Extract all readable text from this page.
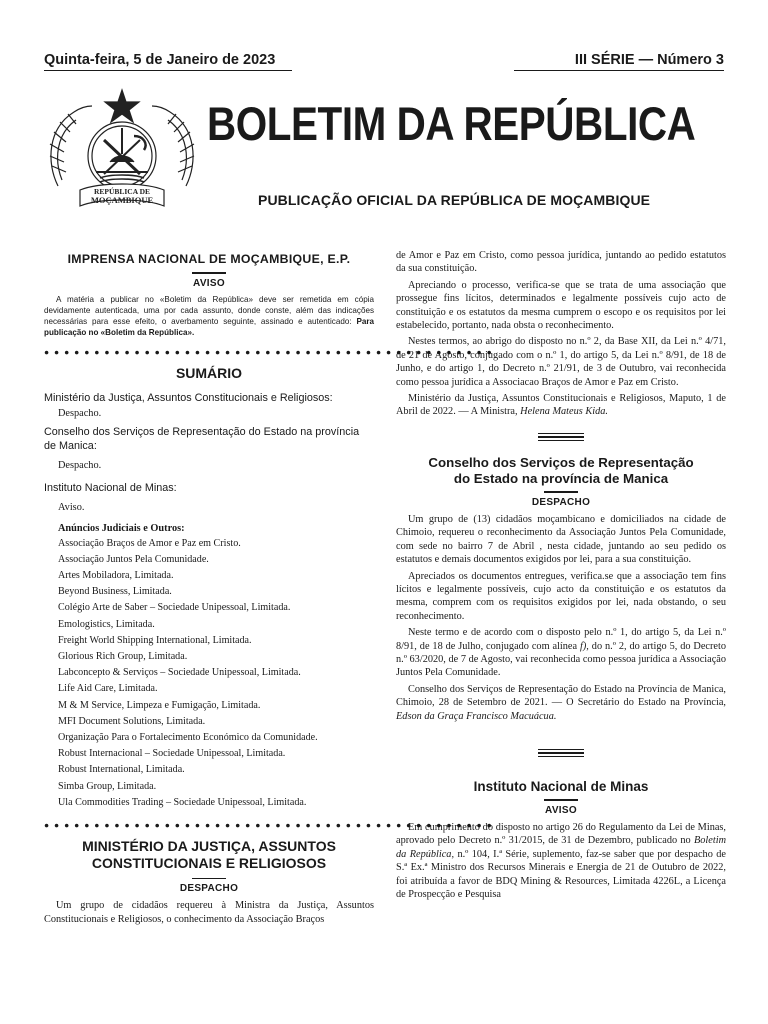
Quinta-feira, 5 de Janeiro de 2023	III SÉRIE — Número 3
REPÚBLICA DE
MOÇAMBIQUE
BOLETIM DA REPÚBLICA
PUBLICAÇÃO OFICIAL DA REPÚBLICA DE MOÇAMBIQUE
IMPRENSA NACIONAL DE MOÇAMBIQUE, E.P.
AVISO

A matéria a publicar no «Boletim da República» deve ser remetida em cópia devidamente autenticada, uma por cada assunto, donde conste, além das indicações necessárias para esse efeito, o averbamento seguinte, assinado e autenticado: Para publicação no «Boletim da República».

● ● ● ● ● ● ● ● ● ● ● ● ● ● ● ● ● ● ● ● ● ● ● ● ● ● ● ● ● ● ● ● ● ● ● ● ● ● ● ● ● ● ● ● ●
SUMÁRIO

Ministério da Justiça, Assuntos Constitucionais e Religiosos:

Despacho.

Conselho dos Serviços de Representação do Estado na província de Manica:

Despacho.

Instituto Nacional de Minas:

Aviso.

Anúncios Judiciais e Outros:
Associação Braços de Amor e Paz em Cristo.
Associação Juntos Pela Comunidade.
Artes Mobiladora, Limitada.
Beyond Business, Limitada.
Colégio Arte de Saber – Sociedade Unipessoal, Limitada.
Emologistics, Limitada.
Freight World Shipping International, Limitada.
Glorious Rich Group, Limitada.
Labconcepto & Serviços – Sociedade Unipessoal, Limitada.
Life Aid Care, Limitada.
M & M Service, Limpeza e Fumigação, Limitada.
MFI Document Solutions, Limitada.
Organização Para o Fortalecimento Económico da Comunidade.
Robust Internacional – Sociedade Unipessoal, Limitada.
Robust International, Limitada.
Simba Group, Limitada.
Ula Commodities Trading – Sociedade Unipessoal, Limitada.
● ● ● ● ● ● ● ● ● ● ● ● ● ● ● ● ● ● ● ● ● ● ● ● ● ● ● ● ● ● ● ● ● ● ● ● ● ● ● ● ● ● ● ● ●
MINISTÉRIO DA JUSTIÇA, ASSUNTOS
CONSTITUCIONAIS E RELIGIOSOS
DESPACHO

Um grupo de cidadãos requereu à Ministra da Justiça, Assuntos Constitucionais e Religiosos, o conhecimento da Associação Braços

de Amor e Paz em Cristo, como pessoa jurídica, juntando ao pedido estatutos da sua constituição.

Apreciando o processo, verifica-se que se trata de uma associação que prossegue fins lícitos, determinados e legalmente possíveis cujo acto de constituição e os estatutos da mesma cumprem o escopo e os requisitos por lei estabelecido, portanto, nada obsta o reconhecimento.

Nestes termos, ao abrigo do disposto no n.º 2, da Base XII, da Lei n.º 4/71, de 21 de Agosto, conjugado com o n.º 1, do artigo 5, da Lei n.º 8/91, de 18 de Junho, e do artigo 1, do Decreto n.º 21/91, de 3 de Outubro, vai reconhecida como pessoa jurídica a Associacao Braços de Amor e Paz em Cristo.

Ministério da Justiça, Assuntos Constitucionais e Religiosos, Maputo, 1 de Abril de 2022. — A Ministra, Helena Mateus Kida.

Conselho dos Serviços de Representação
do Estado na província de Manica
DESPACHO

Um grupo de (13) cidadãos moçambicano e domiciliados na cidade de Chimoio, requereu o reconhecimento da Associação Juntos Pela Comunidade, com sede no bairro 7 de Abril , nesta cidade, juntando ao seu pedido os estatutos e demais documentos exigidos por lei, para a sua constituição.

Apreciados os documentos entregues, verifica.se que a associação tem fins lícitos e legalmente possíveis, cujo acto da constituição e os estatutos da mesma, comprem com os requisitos exigidos por lei, nada obstando, o seu reconhecimento.

Neste termo e de acordo com o disposto pelo n.º 1, do artigo 5, da Lei n.º 8/91, de 18 de Julho, conjugado com alínea f), do n.º 2, do artigo 5, do Decreto n.º 63/2020, de 7 de Agosto, vai reconhecida como pessoa jurídica a Associação Juntos Pela Comunidade.

Conselho dos Serviços de Representação do Estado na Província de Manica, Chimoio, 28 de Setembro de 2021. — O Secretário do Estado na Província, Edson da Graça Francisco Macuácua.

Instituto Nacional de Minas
AVISO

Em cumprimento do disposto no artigo 26 do Regulamento da Lei de Minas, aprovado pelo Decreto n.º 31/2015, de 31 de Dezembro, publicado no Boletim da República, n.º 104, I.ª Série, suplemento, faz-se saber que por despacho de S.ª Ex.ª Ministro dos Recursos Minerais e Energia de 21 de Outubro de 2022, foi atribuída a favor de BDQ Mining & Resources, Limitada 4226L, a Licença de Prospecção e Pesquisa
